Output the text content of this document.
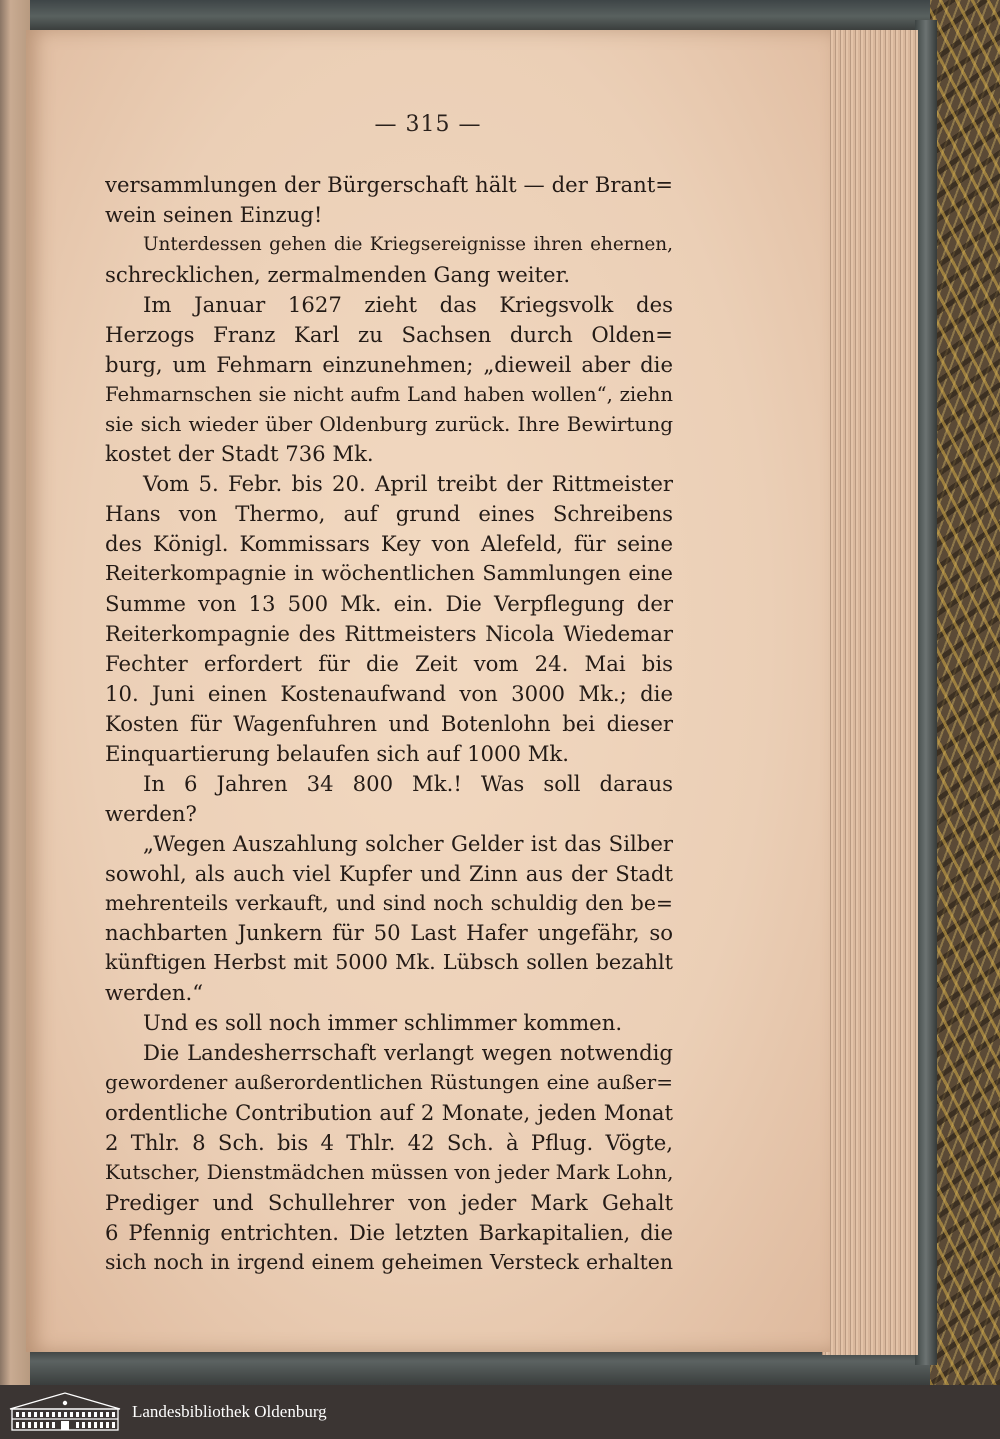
— 315 —
versammlungen der Bürgerschaft hält — der Brant=
wein seinen Einzug!
Unterdessen gehen die Kriegsereignisse ihren ehernen,
schrecklichen, zermalmenden Gang weiter.
Im Januar 1627 zieht das Kriegsvolk des
Herzogs Franz Karl zu Sachsen durch Olden=
burg, um Fehmarn einzunehmen; „dieweil aber die
Fehmarnschen sie nicht aufm Land haben wollen“, ziehn
sie sich wieder über Oldenburg zurück. Ihre Bewirtung
kostet der Stadt 736 Mk.
Vom 5. Febr. bis 20. April treibt der Rittmeister
Hans von Thermo, auf grund eines Schreibens
des Königl. Kommissars Key von Alefeld, für seine
Reiterkompagnie in wöchentlichen Sammlungen eine
Summe von 13 500 Mk. ein. Die Verpflegung der
Reiterkompagnie des Rittmeisters Nicola Wiedemar
Fechter erfordert für die Zeit vom 24. Mai bis
10. Juni einen Kostenaufwand von 3000 Mk.; die
Kosten für Wagenfuhren und Botenlohn bei dieser
Einquartierung belaufen sich auf 1000 Mk.
In 6 Jahren 34 800 Mk.! Was soll daraus
werden?
„Wegen Auszahlung solcher Gelder ist das Silber
sowohl, als auch viel Kupfer und Zinn aus der Stadt
mehrenteils verkauft, und sind noch schuldig den be=
nachbarten Junkern für 50 Last Hafer ungefähr, so
künftigen Herbst mit 5000 Mk. Lübsch sollen bezahlt
werden.“
Und es soll noch immer schlimmer kommen.
Die Landesherrschaft verlangt wegen notwendig
gewordener außerordentlichen Rüstungen eine außer=
ordentliche Contribution auf 2 Monate, jeden Monat
2 Thlr. 8 Sch. bis 4 Thlr. 42 Sch. à Pflug. Vögte,
Kutscher, Dienstmädchen müssen von jeder Mark Lohn,
Prediger und Schullehrer von jeder Mark Gehalt
6 Pfennig entrichten. Die letzten Barkapitalien, die
sich noch in irgend einem geheimen Versteck erhalten
Landesbibliothek Oldenburg
